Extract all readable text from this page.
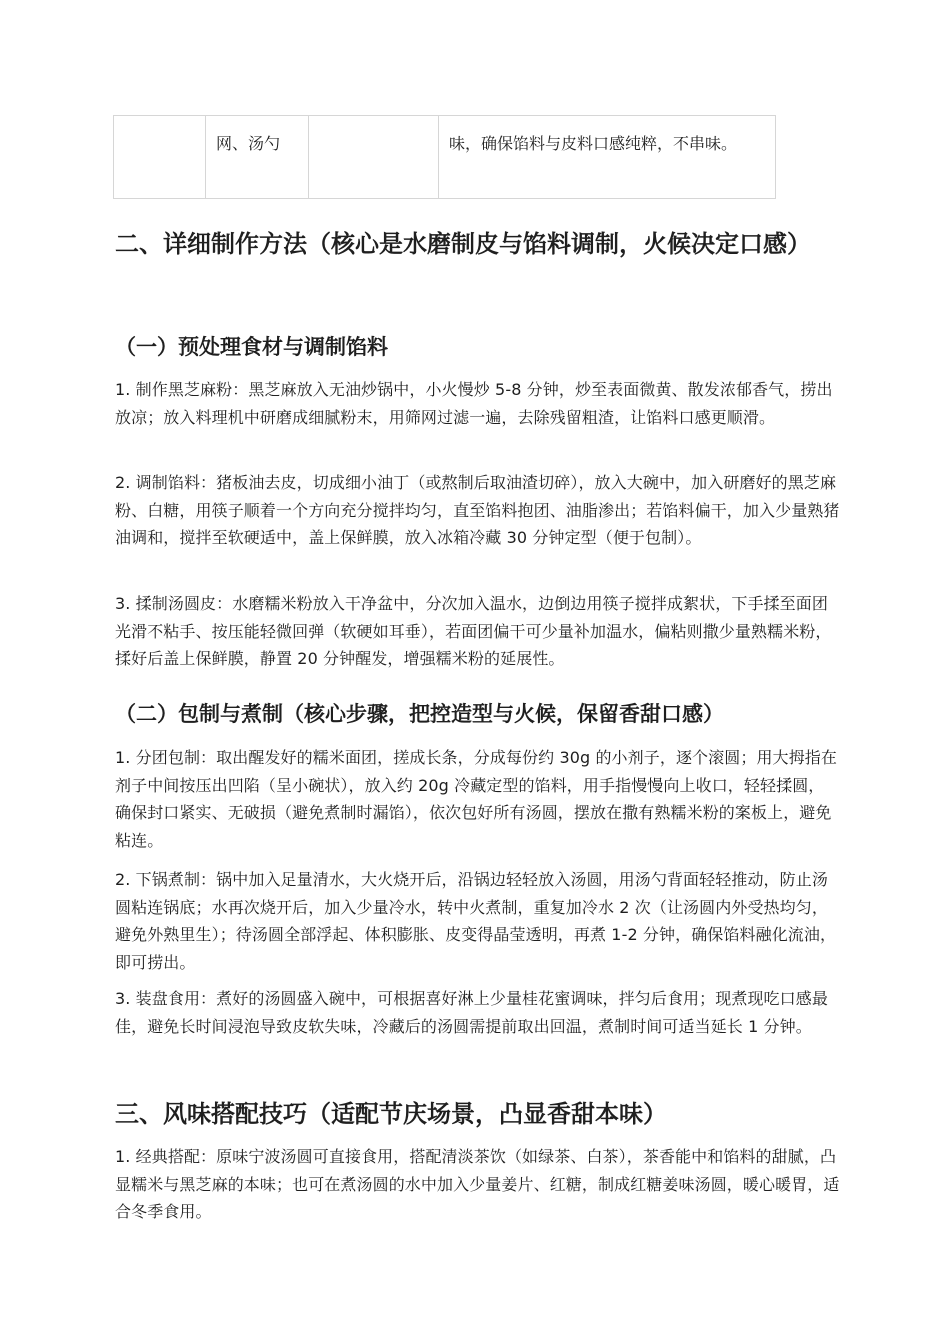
	网、汤勺		味，确保馅料与皮料口感纯粹，不串味。
二、详细制作方法（核心是水磨制皮与馅料调制，火候决定口感）
（一）预处理食材与调制馅料

1. 制作黑芝麻粉：黑芝麻放入无油炒锅中，小火慢炒 5-8 分钟，炒至表面微黄、散发浓郁香气，捞出放凉；放入料理机中研磨成细腻粉末，用筛网过滤一遍，去除残留粗渣，让馅料口感更顺滑。

2. 调制馅料：猪板油去皮，切成细小油丁（或熬制后取油渣切碎），放入大碗中，加入研磨好的黑芝麻粉、白糖，用筷子顺着一个方向充分搅拌均匀，直至馅料抱团、油脂渗出；若馅料偏干，加入少量熟猪油调和，搅拌至软硬适中，盖上保鲜膜，放入冰箱冷藏 30 分钟定型（便于包制）。

3. 揉制汤圆皮：水磨糯米粉放入干净盆中，分次加入温水，边倒边用筷子搅拌成絮状，下手揉至面团光滑不粘手、按压能轻微回弹（软硬如耳垂），若面团偏干可少量补加温水，偏粘则撒少量熟糯米粉，揉好后盖上保鲜膜，静置 20 分钟醒发，增强糯米粉的延展性。

（二）包制与煮制（核心步骤，把控造型与火候，保留香甜口感）

1. 分团包制：取出醒发好的糯米面团，搓成长条，分成每份约 30g 的小剂子，逐个滚圆；用大拇指在剂子中间按压出凹陷（呈小碗状），放入约 20g 冷藏定型的馅料，用手指慢慢向上收口，轻轻揉圆，确保封口紧实、无破损（避免煮制时漏馅），依次包好所有汤圆，摆放在撒有熟糯米粉的案板上，避免粘连。

2. 下锅煮制：锅中加入足量清水，大火烧开后，沿锅边轻轻放入汤圆，用汤勺背面轻轻推动，防止汤圆粘连锅底；水再次烧开后，加入少量冷水，转中火煮制，重复加冷水 2 次（让汤圆内外受热均匀，避免外熟里生）；待汤圆全部浮起、体积膨胀、皮变得晶莹透明，再煮 1-2 分钟，确保馅料融化流油，即可捞出。

3. 装盘食用：煮好的汤圆盛入碗中，可根据喜好淋上少量桂花蜜调味，拌匀后食用；现煮现吃口感最佳，避免长时间浸泡导致皮软失味，冷藏后的汤圆需提前取出回温，煮制时间可适当延长 1 分钟。

三、风味搭配技巧（适配节庆场景，凸显香甜本味）

1. 经典搭配：原味宁波汤圆可直接食用，搭配清淡茶饮（如绿茶、白茶），茶香能中和馅料的甜腻，凸显糯米与黑芝麻的本味；也可在煮汤圆的水中加入少量姜片、红糖，制成红糖姜味汤圆，暖心暖胃，适合冬季食用。
